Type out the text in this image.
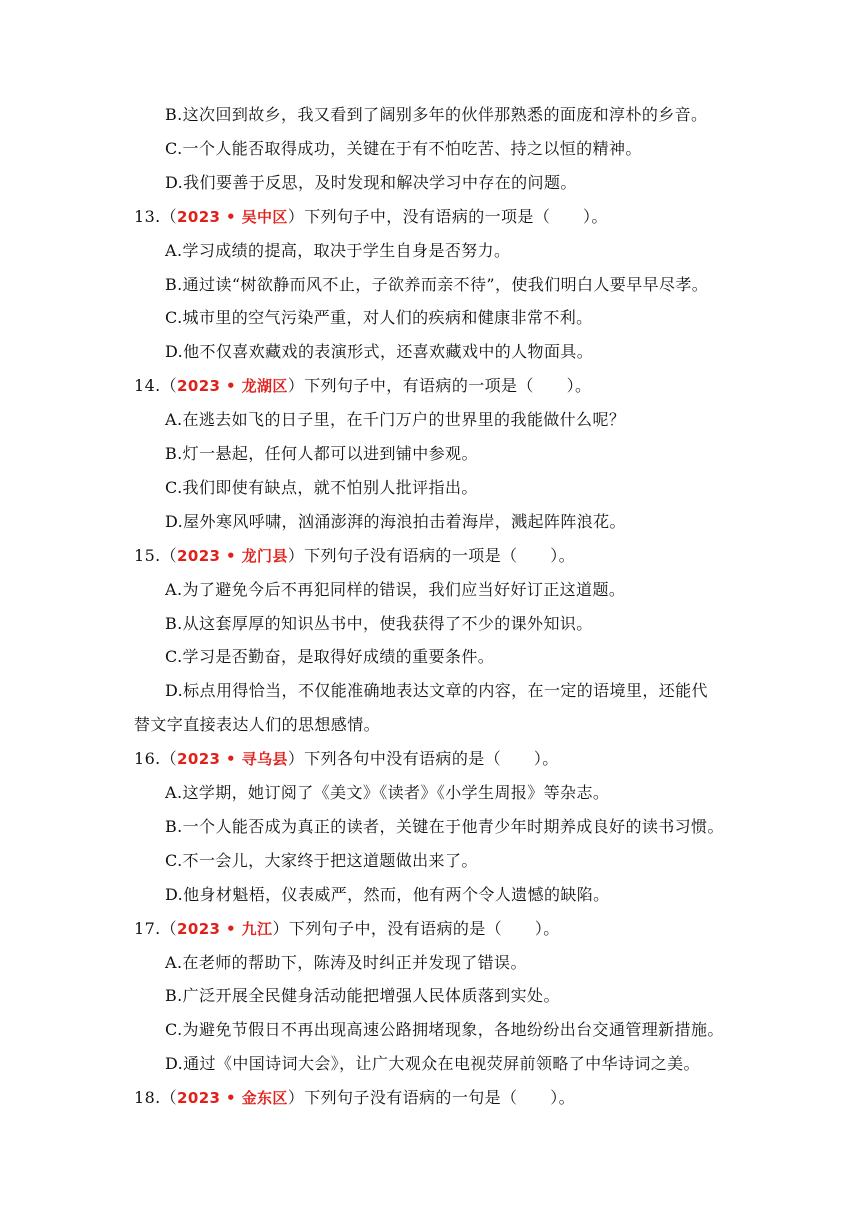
B.这次回到故乡，我又看到了阔别多年的伙伴那熟悉的面庞和淳朴的乡音。
C.一个人能否取得成功，关键在于有不怕吃苦、持之以恒的精神。
D.我们要善于反思，及时发现和解决学习中存在的问题。
13.（2023 • 吴中区）下列句子中，没有语病的一项是（　　）。
A.学习成绩的提高，取决于学生自身是否努力。
B.通过读“树欲静而风不止，子欲养而亲不待”，使我们明白人要早早尽孝。
C.城市里的空气污染严重，对人们的疾病和健康非常不利。
D.他不仅喜欢藏戏的表演形式，还喜欢藏戏中的人物面具。
14.（2023 • 龙湖区）下列句子中，有语病的一项是（　　）。
A.在逃去如飞的日子里，在千门万户的世界里的我能做什么呢？
B.灯一悬起，任何人都可以进到铺中参观。
C.我们即使有缺点，就不怕别人批评指出。
D.屋外寒风呼啸，汹涌澎湃的海浪拍击着海岸，溅起阵阵浪花。
15.（2023 • 龙门县）下列句子没有语病的一项是（　　）。
A.为了避免今后不再犯同样的错误，我们应当好好订正这道题。
B.从这套厚厚的知识丛书中，使我获得了不少的课外知识。
C.学习是否勤奋，是取得好成绩的重要条件。
D.标点用得恰当，不仅能准确地表达文章的内容，在一定的语境里，还能代
替文字直接表达人们的思想感情。
16.（2023 • 寻乌县）下列各句中没有语病的是（　　）。
A.这学期，她订阅了《美文》《读者》《小学生周报》等杂志。
B.一个人能否成为真正的读者，关键在于他青少年时期养成良好的读书习惯。
C.不一会儿，大家终于把这道题做出来了。
D.他身材魁梧，仪表威严，然而，他有两个令人遗憾的缺陷。
17.（2023 • 九江）下列句子中，没有语病的是（　　）。
A.在老师的帮助下，陈涛及时纠正并发现了错误。
B.广泛开展全民健身活动能把增强人民体质落到实处。
C.为避免节假日不再出现高速公路拥堵现象，各地纷纷出台交通管理新措施。
D.通过《中国诗词大会》，让广大观众在电视荧屏前领略了中华诗词之美。
18.（2023 • 金东区）下列句子没有语病的一句是（　　）。
